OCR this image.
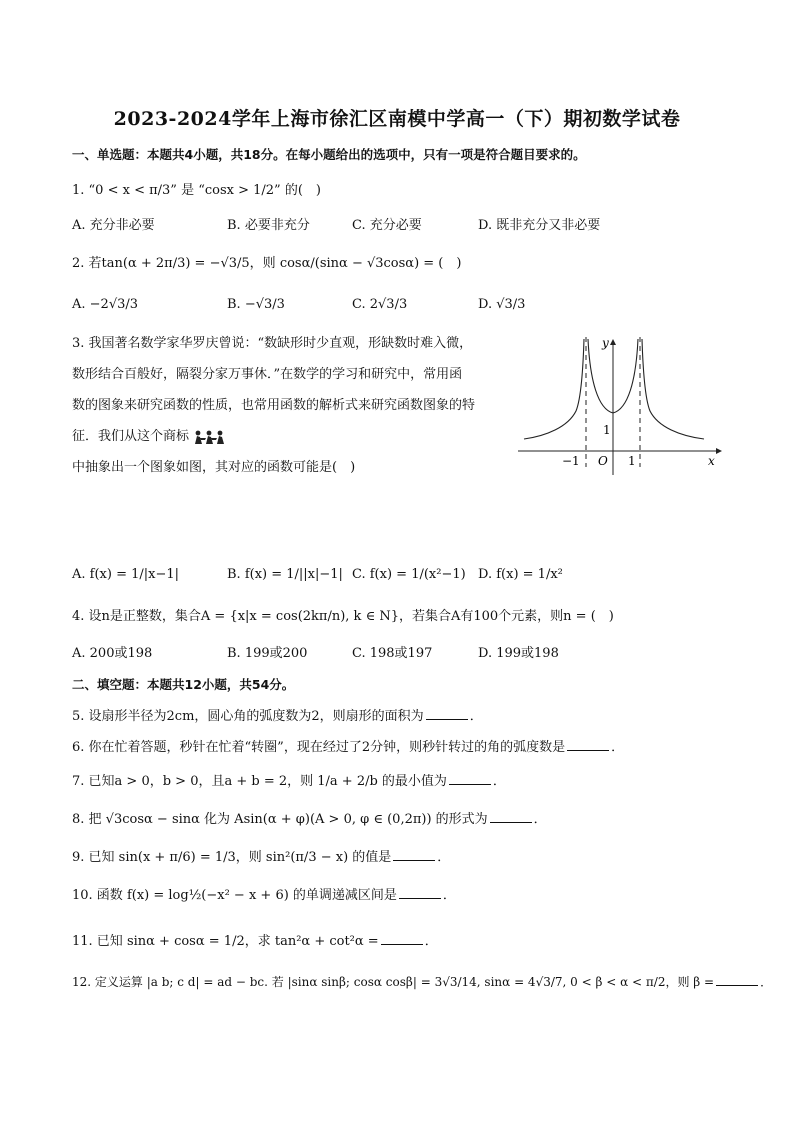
2023-2024学年上海市徐汇区南模中学高一（下）期初数学试卷
一、单选题：本题共4小题，共18分。在每小题给出的选项中，只有一项是符合题目要求的。
1. “0 < x < π/3” 是 “cosx > 1/2” 的(　)
A. 充分非必要	B. 必要非充分	C. 充分必要	D. 既非充分又非必要
2. 若tan(α + 2π/3) = −√3/5，则 cosα/(sinα − √3cosα) = (　)
A. −2√3/3	B. −√3/3	C. 2√3/3	D. √3/3
3. 我国著名数学家华罗庆曾说：“数缺形时少直观，形缺数时难入微，
数形结合百般好，隔裂分家万事休．”在数学的学习和研究中，常用函
数的图象来研究函数的性质，也常用函数的解析式来研究函数图象的特
征．我们从这个商标
中抽象出一个图象如图，其对应的函数可能是(　)
y
x
O
−1	1
1
A. f(x) = 1/|x−1|	B. f(x) = 1/||x|−1| C. f(x) = 1/(x²−1) D. f(x) = 1/x²
4. 设n是正整数，集合A = {x|x = cos(2kπ/n), k ∈ N}，若集合A有100个元素，则n = (　)
A. 200或198	B. 199或200	C. 198或197	D. 199或198
二、填空题：本题共12小题，共54分。
5. 设扇形半径为2cm，圆心角的弧度数为2，则扇形的面积为	．
6. 你在忙着答题，秒针在忙着“转圈”，现在经过了2分钟，则秒针转过的角的弧度数是	．
7. 已知a > 0，b > 0，且a + b = 2，则 1/a + 2/b 的最小值为	．
8. 把 √3cosα − sinα 化为 Asin(α + φ)(A > 0, φ ∈ (0,2π)) 的形式为	．
9. 已知 sin(x + π/6) = 1/3，则 sin²(π/3 − x) 的值是	．
10. 函数 f(x) = log½(−x² − x + 6) 的单调递减区间是	．
11. 已知 sinα + cosα = 1/2，求 tan²α + cot²α =	．
12. 定义运算 |a b; c d| = ad − bc. 若 |sinα sinβ; cosα cosβ| = 3√3/14, sinα = 4√3/7, 0 < β < α < π/2，则 β =	．
